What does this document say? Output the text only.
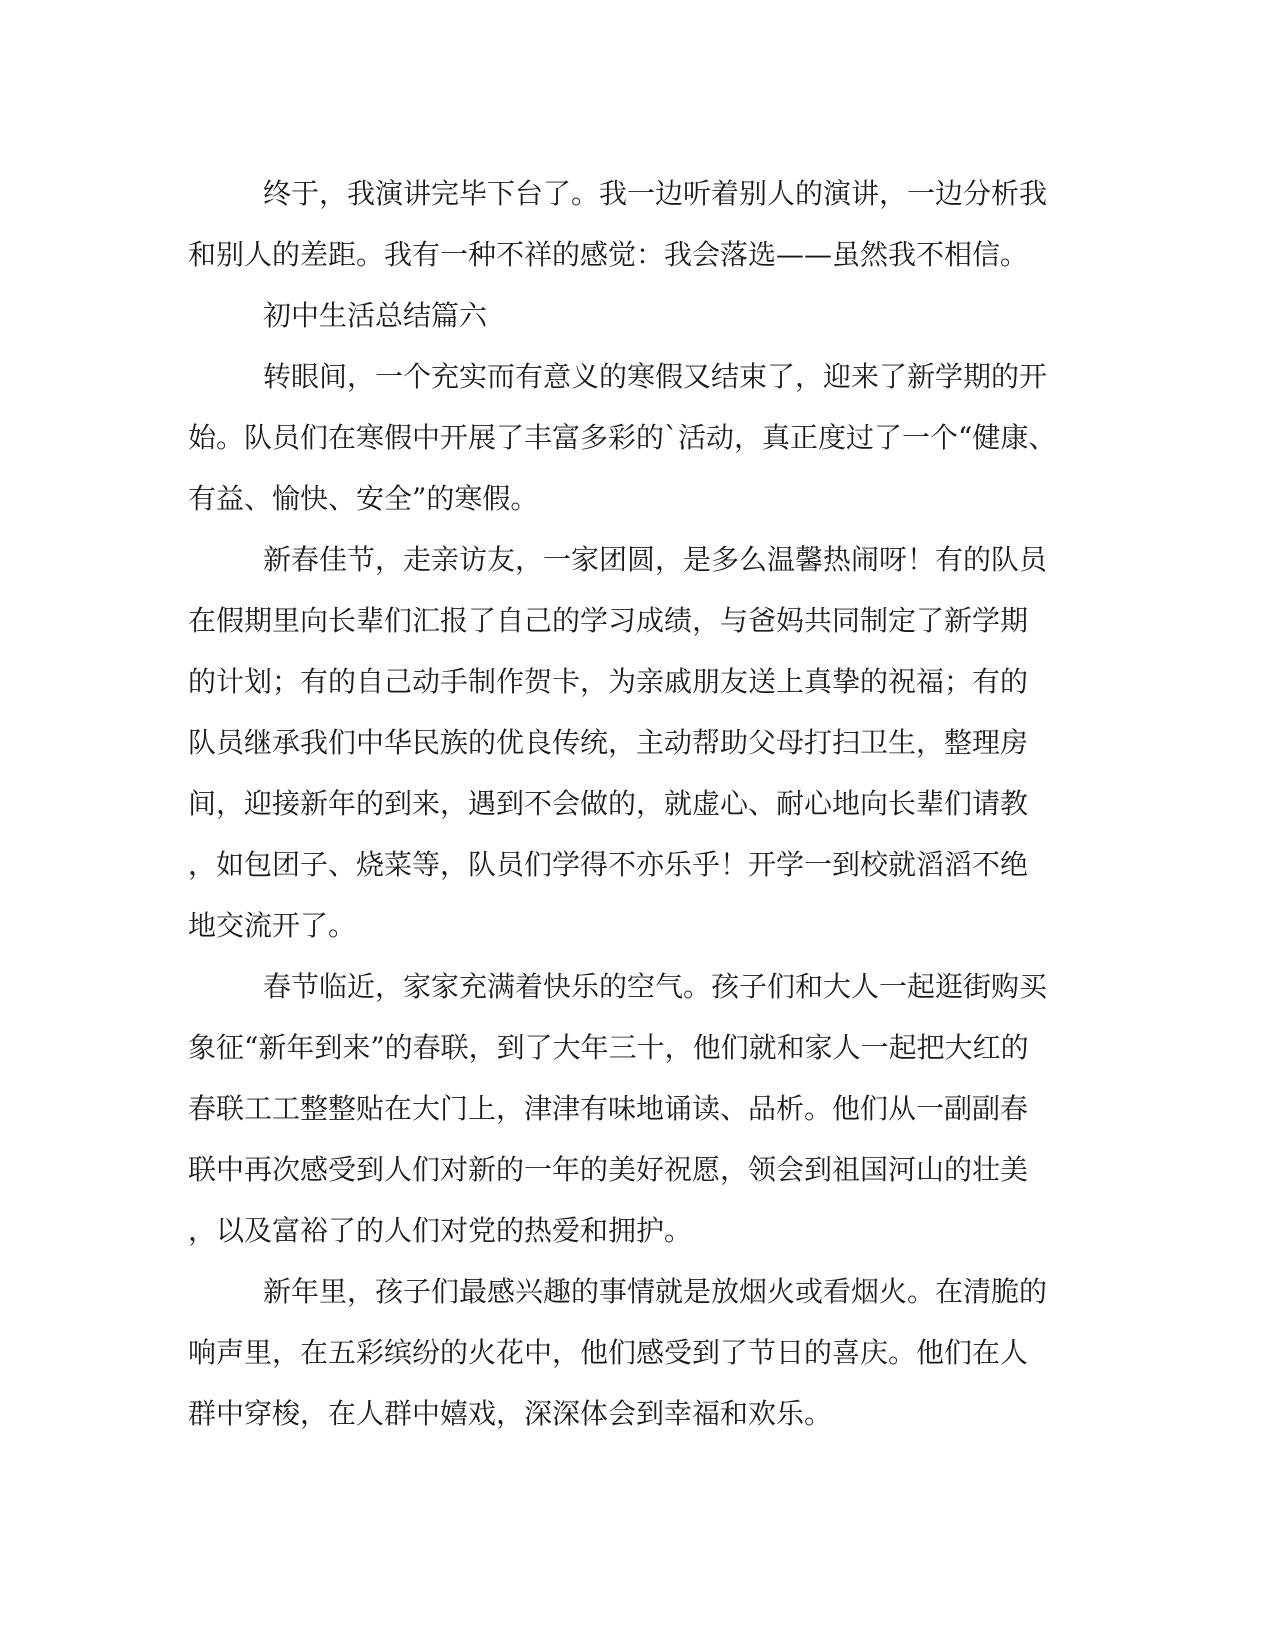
终于，我演讲完毕下台了。我一边听着别人的演讲，一边分析我
和别人的差距。我有一种不祥的感觉：我会落选——虽然我不相信。
初中生活总结篇六
转眼间，一个充实而有意义的寒假又结束了，迎来了新学期的开
始。队员们在寒假中开展了丰富多彩的`活动，真正度过了一个“健康、
有益、愉快、安全”的寒假。
新春佳节，走亲访友，一家团圆，是多么温馨热闹呀！有的队员
在假期里向长辈们汇报了自己的学习成绩，与爸妈共同制定了新学期
的计划；有的自己动手制作贺卡，为亲戚朋友送上真挚的祝福；有的
队员继承我们中华民族的优良传统，主动帮助父母打扫卫生，整理房
间，迎接新年的到来，遇到不会做的，就虚心、耐心地向长辈们请教
，如包团子、烧菜等，队员们学得不亦乐乎！开学一到校就滔滔不绝
地交流开了。
春节临近，家家充满着快乐的空气。孩子们和大人一起逛街购买
象征“新年到来”的春联，到了大年三十，他们就和家人一起把大红的
春联工工整整贴在大门上，津津有味地诵读、品析。他们从一副副春
联中再次感受到人们对新的一年的美好祝愿，领会到祖国河山的壮美
，以及富裕了的人们对党的热爱和拥护。
新年里，孩子们最感兴趣的事情就是放烟火或看烟火。在清脆的
响声里，在五彩缤纷的火花中，他们感受到了节日的喜庆。他们在人
群中穿梭，在人群中嬉戏，深深体会到幸福和欢乐。
